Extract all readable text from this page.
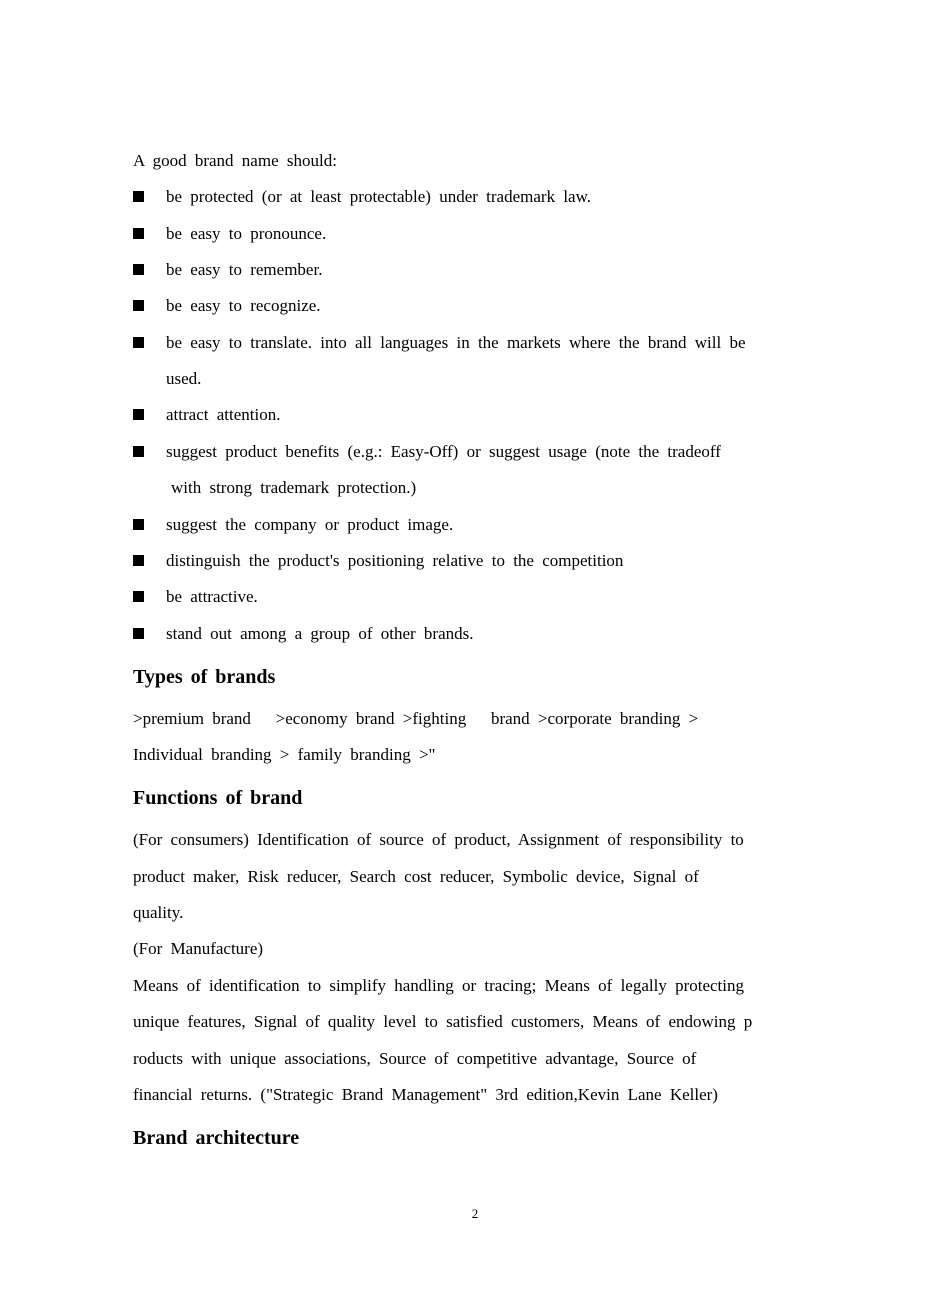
A good brand name should:
be protected (or at least protectable) under trademark law.
be easy to pronounce.
be easy to remember.
be easy to recognize.
be easy to translate. into all languages in the markets where the brand will be
used.
attract attention.
suggest product benefits (e.g.: Easy-Off) or suggest usage (note the tradeoff
with strong trademark protection.)
suggest the company or product image.
distinguish the product's positioning relative to the competition
be attractive.
stand out among a group of other brands.
Types of brands
>premium brand   >economy brand >fighting   brand >corporate branding >
Individual branding > family branding >"
Functions of brand
(For consumers) Identification of source of product, Assignment of responsibility to
product maker, Risk reducer, Search cost reducer, Symbolic device, Signal of
quality.
(For Manufacture)
Means of identification to simplify handling or tracing; Means of legally protecting
unique features, Signal of quality level to satisfied customers, Means of endowing p
roducts with unique associations, Source of competitive advantage, Source of
financial returns. ("Strategic Brand Management" 3rd edition,Kevin Lane Keller)
Brand architecture
2
